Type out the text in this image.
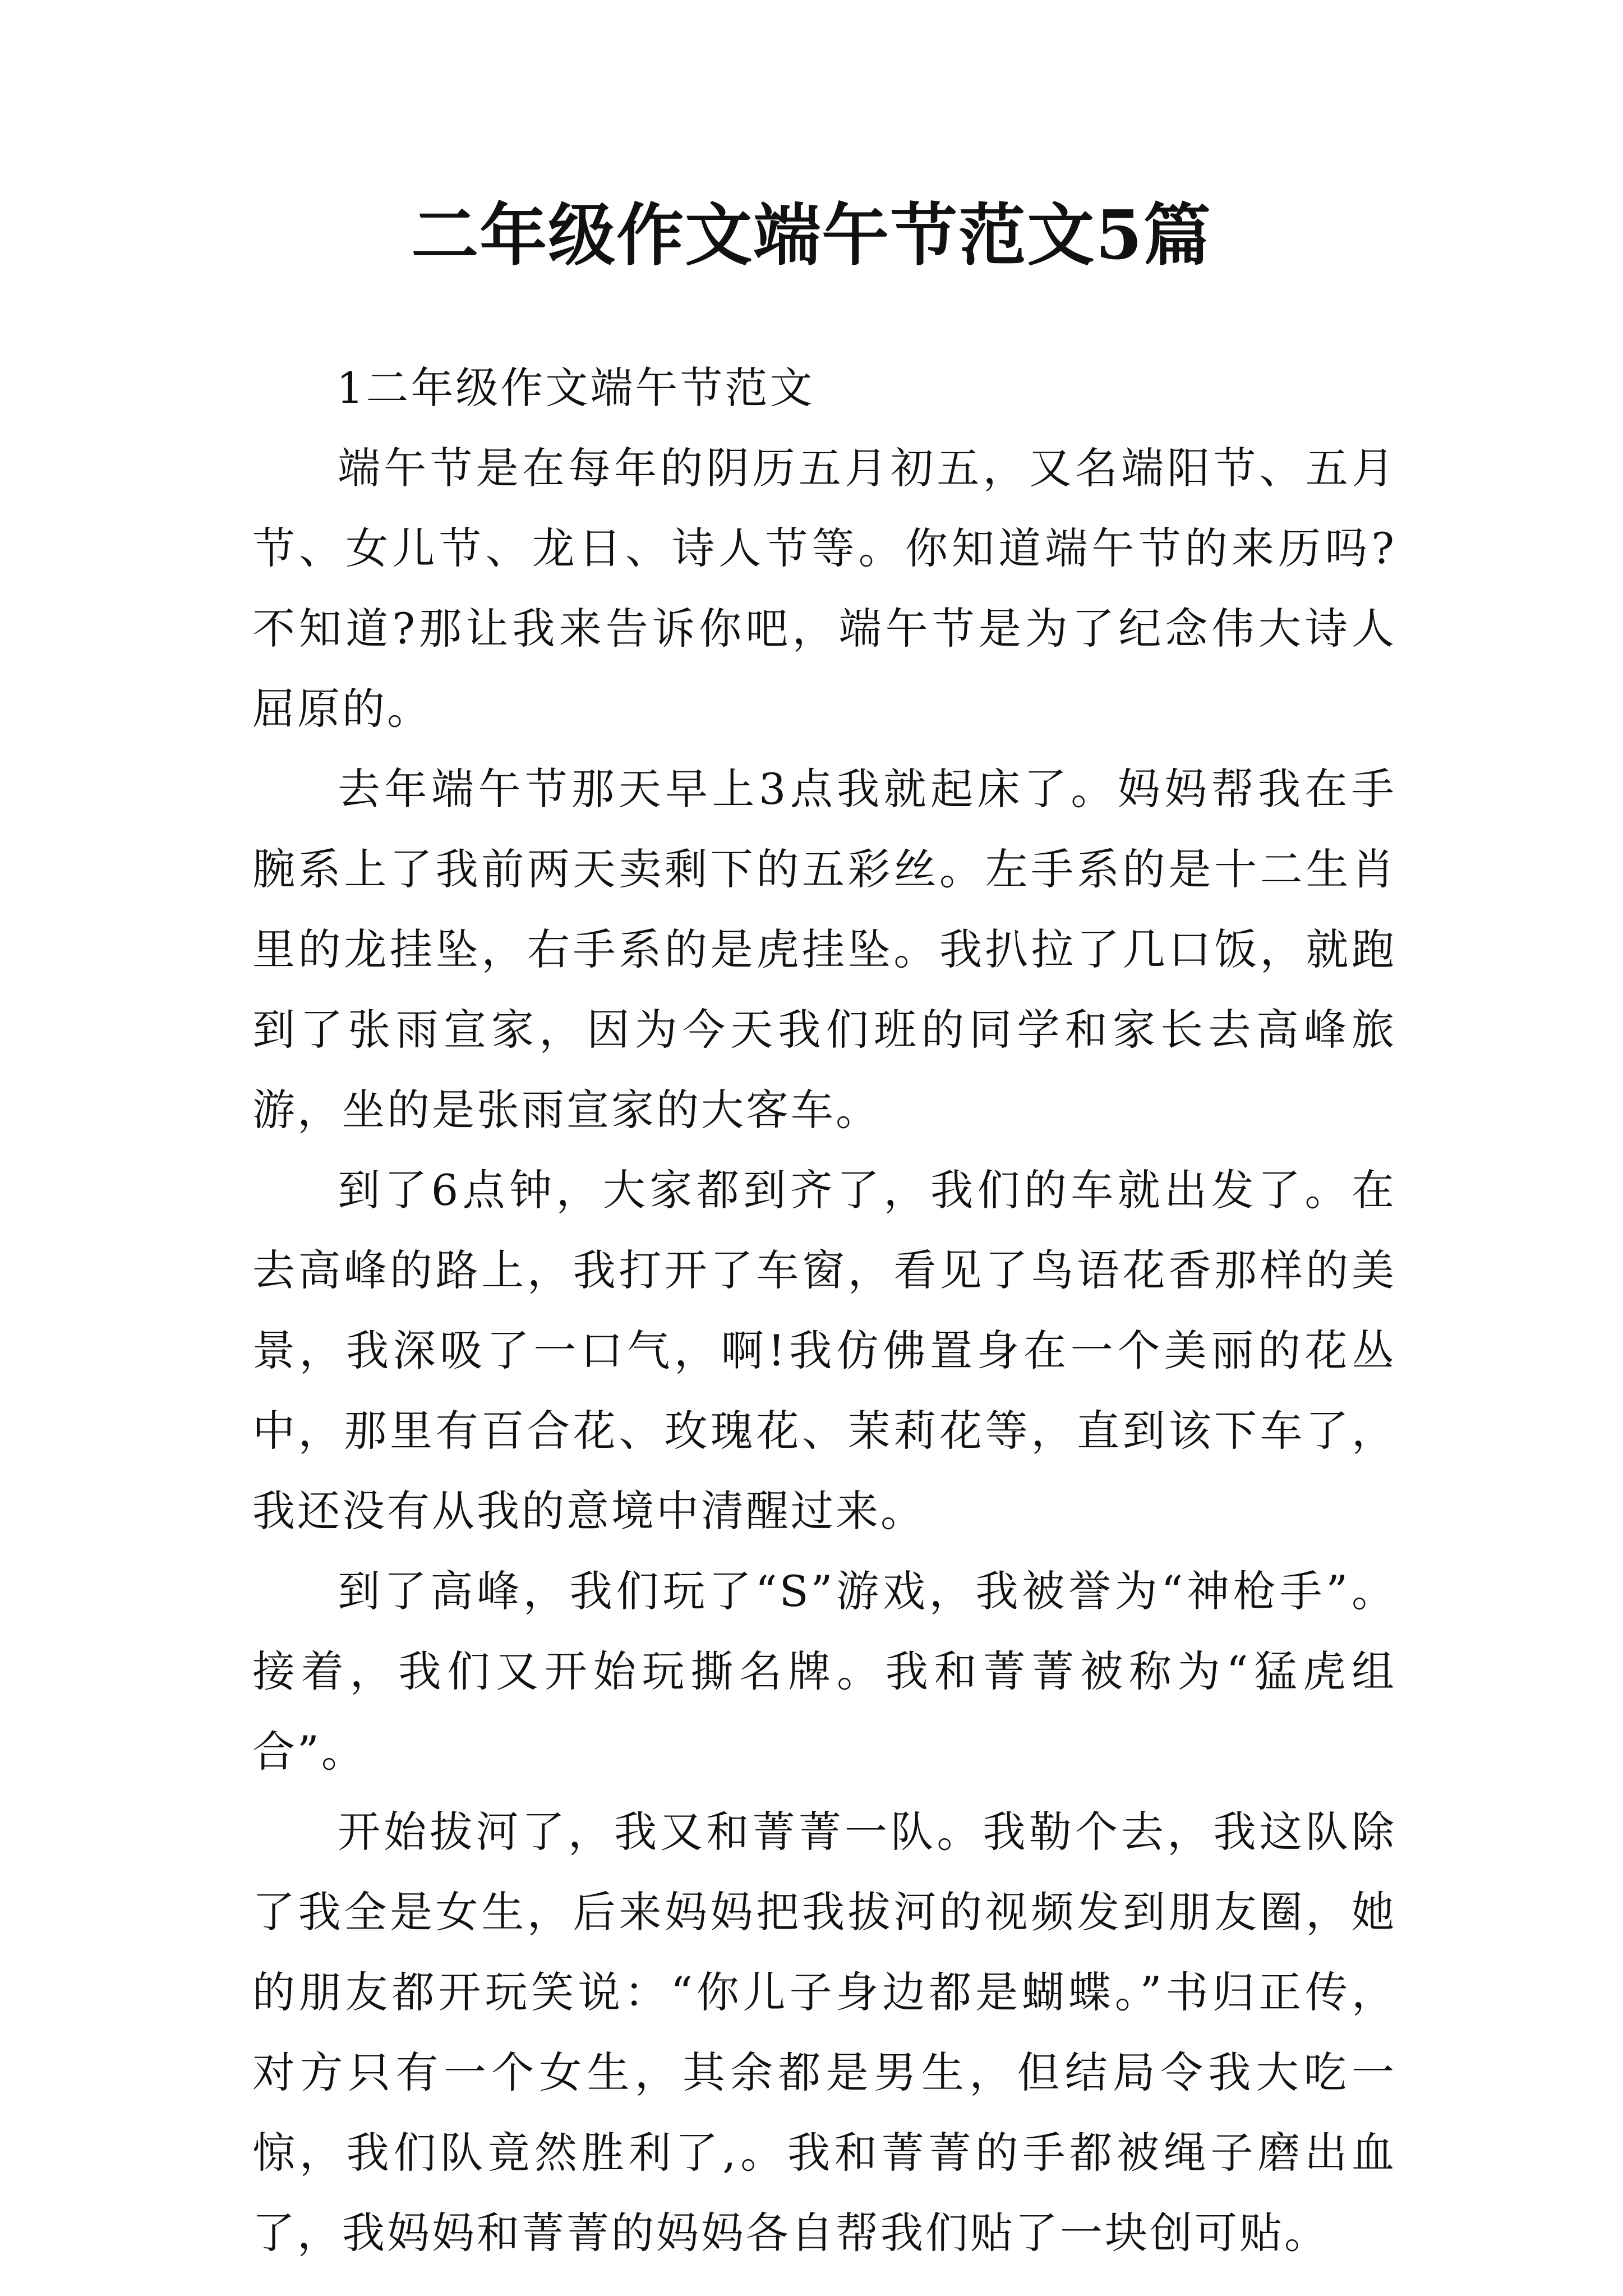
二年级作文端午节范文5篇

1二年级作文端午节范文

端午节是在每年的阴历五月初五，又名端阳节、五月节、女儿节、龙日、诗人节等。你知道端午节的来历吗?不知道?那让我来告诉你吧，端午节是为了纪念伟大诗人屈原的。

去年端午节那天早上3点我就起床了。妈妈帮我在手腕系上了我前两天卖剩下的五彩丝。左手系的是十二生肖里的龙挂坠，右手系的是虎挂坠。我扒拉了几口饭，就跑到了张雨宣家，因为今天我们班的同学和家长去高峰旅游，坐的是张雨宣家的大客车。

到了6点钟，大家都到齐了，我们的车就出发了。在去高峰的路上，我打开了车窗，看见了鸟语花香那样的美景，我深吸了一口气，啊!我仿佛置身在一个美丽的花丛中，那里有百合花、玫瑰花、茉莉花等，直到该下车了，我还没有从我的意境中清醒过来。

到了高峰，我们玩了“S”游戏，我被誉为“神枪手”。接着，我们又开始玩撕名牌。我和菁菁被称为“猛虎组合”。

开始拔河了，我又和菁菁一队。我勒个去，我这队除了我全是女生，后来妈妈把我拔河的视频发到朋友圈，她的朋友都开玩笑说：“你儿子身边都是蝴蝶。”书归正传，对方只有一个女生，其余都是男生，但结局令我大吃一惊，我们队竟然胜利了,。我和菁菁的手都被绳子磨出血了，我妈妈和菁菁的妈妈各自帮我们贴了一块创可贴。
